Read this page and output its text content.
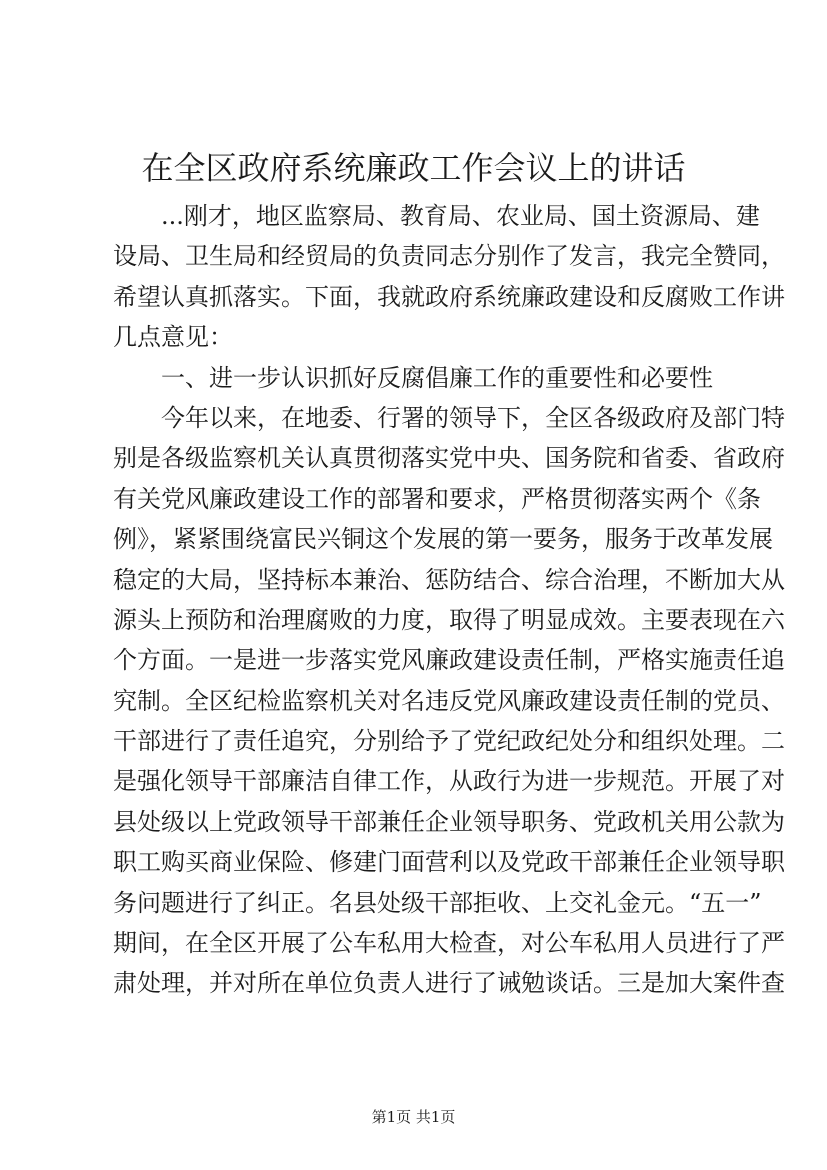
在全区政府系统廉政工作会议上的讲话
...刚才，地区监察局、教育局、农业局、国土资源局、建
设局、卫生局和经贸局的负责同志分别作了发言，我完全赞同，
希望认真抓落实。下面，我就政府系统廉政建设和反腐败工作讲
几点意见：
一、进一步认识抓好反腐倡廉工作的重要性和必要性
今年以来，在地委、行署的领导下，全区各级政府及部门特
别是各级监察机关认真贯彻落实党中央、国务院和省委、省政府
有关党风廉政建设工作的部署和要求，严格贯彻落实两个《条
例》，紧紧围绕富民兴铜这个发展的第一要务，服务于改革发展
稳定的大局，坚持标本兼治、惩防结合、综合治理，不断加大从
源头上预防和治理腐败的力度，取得了明显成效。主要表现在六
个方面。一是进一步落实党风廉政建设责任制，严格实施责任追
究制。全区纪检监察机关对名违反党风廉政建设责任制的党员、
干部进行了责任追究，分别给予了党纪政纪处分和组织处理。二
是强化领导干部廉洁自律工作，从政行为进一步规范。开展了对
县处级以上党政领导干部兼任企业领导职务、党政机关用公款为
职工购买商业保险、修建门面营利以及党政干部兼任企业领导职
务问题进行了纠正。名县处级干部拒收、上交礼金元。“五一”
期间，在全区开展了公车私用大检查，对公车私用人员进行了严
肃处理，并对所在单位负责人进行了诫勉谈话。三是加大案件查
第1页 共1页
